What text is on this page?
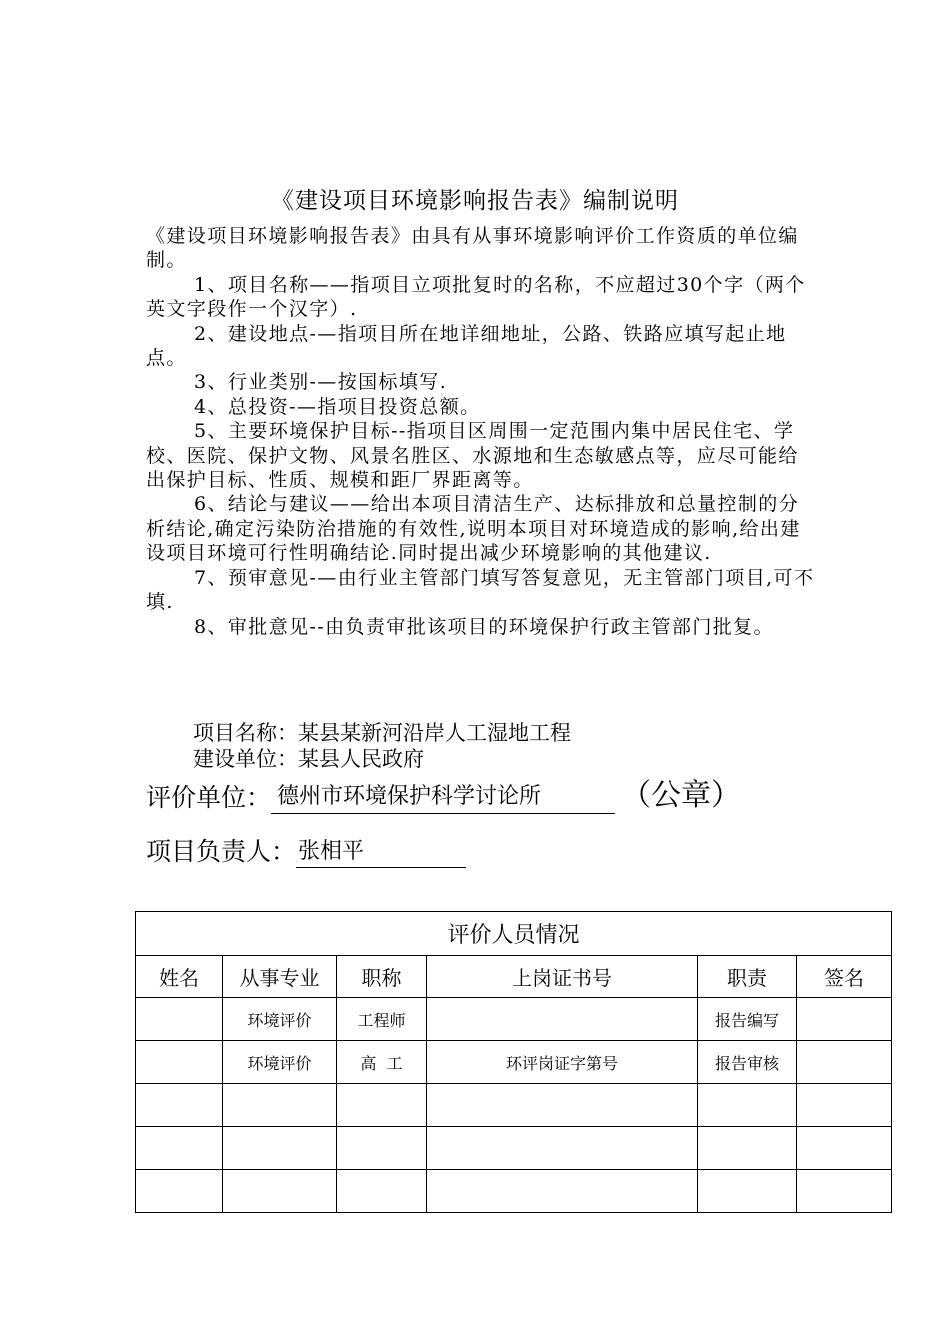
《建设项目环境影响报告表》编制说明

《建设项目环境影响报告表》由具有从事环境影响评价工作资质的单位编制。

1、项目名称——指项目立项批复时的名称，不应超过30个字（两个英文字段作一个汉字）.

2、建设地点-—指项目所在地详细地址，公路、铁路应填写起止地点。

3、行业类别-—按国标填写.

4、总投资-—指项目投资总额。

5、主要环境保护目标--指项目区周围一定范围内集中居民住宅、学校、医院、保护文物、风景名胜区、水源地和生态敏感点等，应尽可能给出保护目标、性质、规模和距厂界距离等。

6、结论与建议——给出本项目清洁生产、达标排放和总量控制的分析结论,确定污染防治措施的有效性,说明本项目对环境造成的影响,给出建设项目环境可行性明确结论.同时提出减少环境影响的其他建议.

7、预审意见-—由行业主管部门填写答复意见，无主管部门项目,可不填.

8、审批意见--由负责审批该项目的环境保护行政主管部门批复。

项目名称：某县某新河沿岸人工湿地工程
建设单位：某县人民政府
评价单位： 德州市环境保护科学讨论所	（公章）
项目负责人：张相平
评价人员情况					
姓名	从事专业	职称	上岗证书号	职责	签名
	环境评价	工程师		报告编写	
	环境评价	高  工	环评岗证字第号	报告审核	
